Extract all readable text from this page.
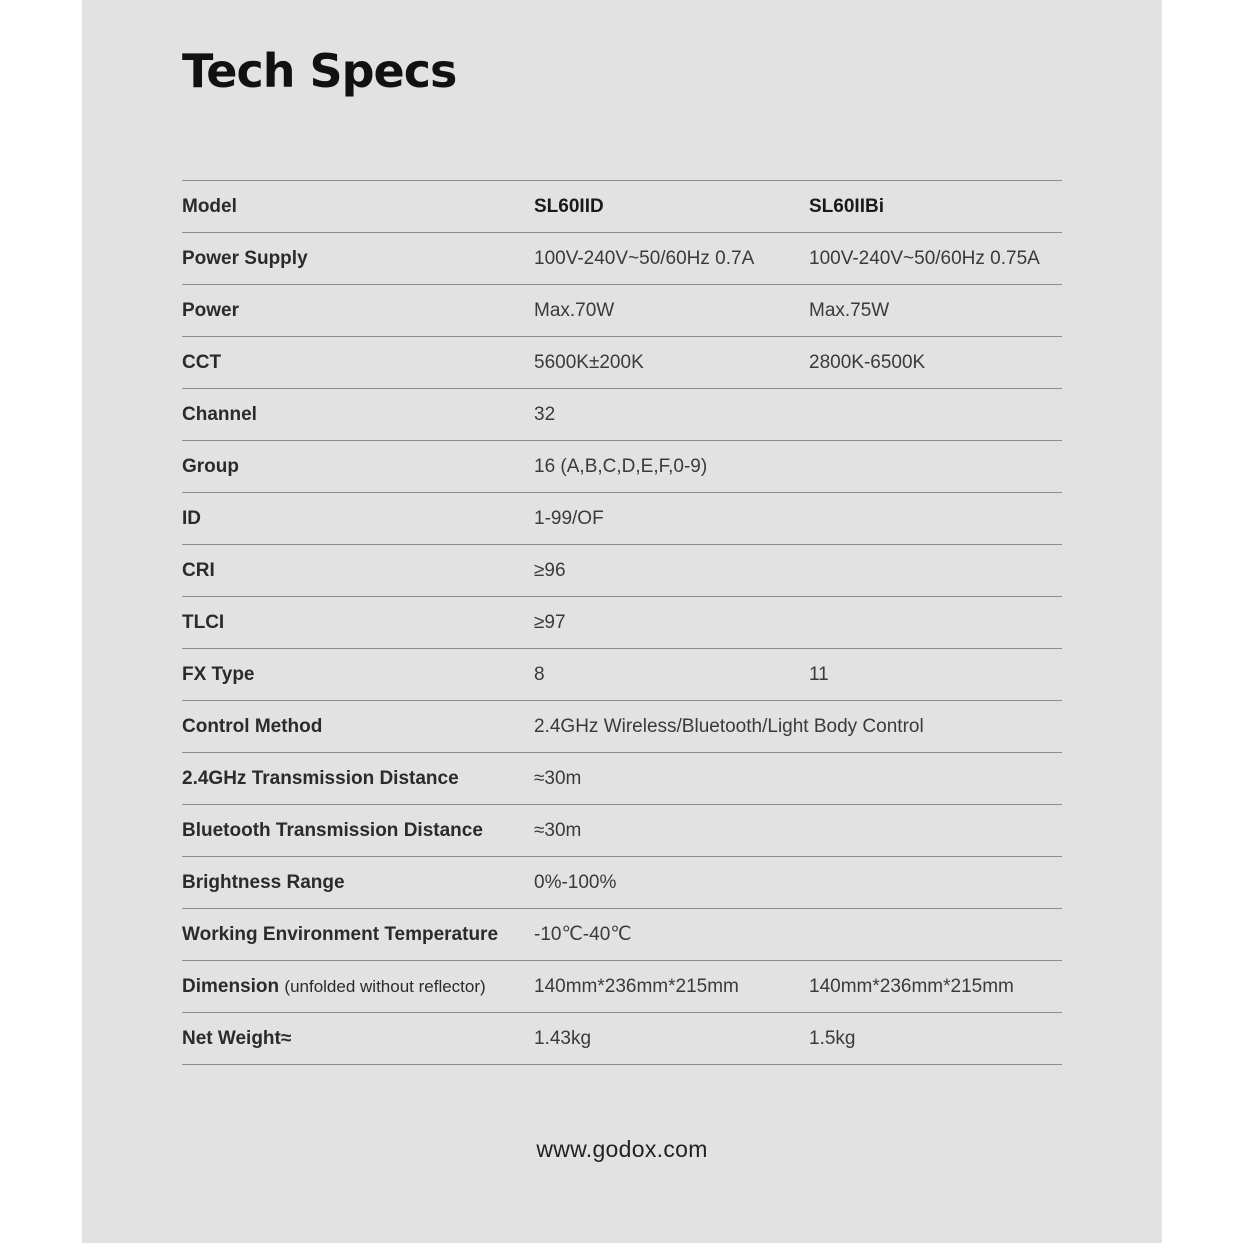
Tech Specs
Model	SL60IID	SL60IIBi
Power Supply	100V-240V~50/60Hz 0.7A	100V-240V~50/60Hz 0.75A
Power	Max.70W	Max.75W
CCT	5600K±200K	2800K-6500K
Channel	32
Group	16 (A,B,C,D,E,F,0-9)
ID	1-99/OF
CRI	≥96
TLCI	≥97
FX Type	8	11
Control Method	2.4GHz Wireless/Bluetooth/Light Body Control
2.4GHz Transmission Distance	≈30m
Bluetooth Transmission Distance	≈30m
Brightness Range	0%-100%
Working Environment Temperature -10℃-40℃
Dimension (unfolded without reflector)	140mm*236mm*215mm	140mm*236mm*215mm
Net Weight≈	1.43kg	1.5kg
www.godox.com
